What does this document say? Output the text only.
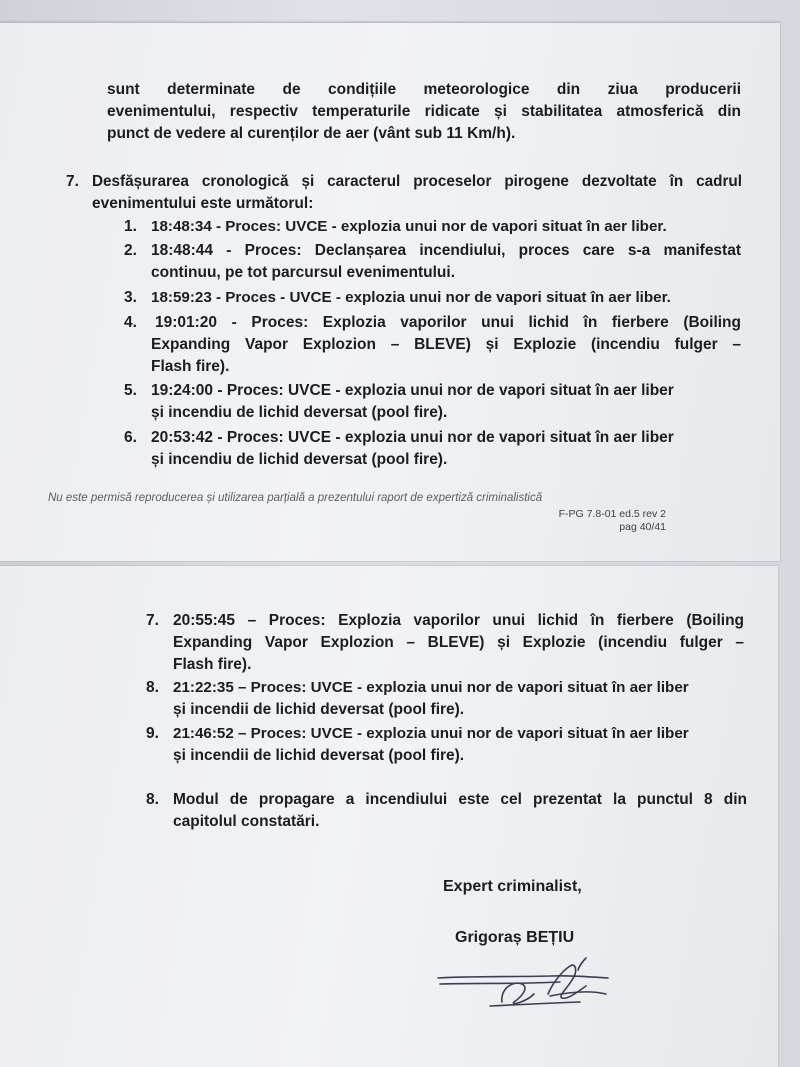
sunt determinate de condițiile meteorologice din ziua producerii
evenimentului, respectiv temperaturile ridicate și stabilitatea atmosferică din
punct de vedere al curenților de aer (vânt sub 11 Km/h).
7. Desfășurarea cronologică și caracterul proceselor pirogene dezvoltate în cadrul
evenimentului este următorul:
1. 18:48:34 - Proces: UVCE - explozia unui nor de vapori situat în aer liber.
2. 18:48:44 - Proces: Declanșarea incendiului, proces care s-a manifestat
continuu, pe tot parcursul evenimentului.
3. 18:59:23 - Proces - UVCE - explozia unui nor de vapori situat în aer liber.
4. 19:01:20 - Proces: Explozia vaporilor unui lichid în fierbere (Boiling
Expanding Vapor Explozion – BLEVE) și Explozie (incendiu fulger –
Flash fire).
5. 19:24:00 - Proces: UVCE - explozia unui nor de vapori situat în aer liber
și incendiu de lichid deversat (pool fire).
6. 20:53:42 - Proces: UVCE - explozia unui nor de vapori situat în aer liber
și incendiu de lichid deversat (pool fire).
Nu este permisă reproducerea și utilizarea parțială a prezentului raport de expertiză criminalistică
F-PG 7.8-01 ed.5 rev 2
pag 40/41
7. 20:55:45 – Proces: Explozia vaporilor unui lichid în fierbere (Boiling
Expanding Vapor Explozion – BLEVE) și Explozie (incendiu fulger –
Flash fire).
8. 21:22:35 – Proces: UVCE - explozia unui nor de vapori situat în aer liber
și incendii de lichid deversat (pool fire).
9. 21:46:52 – Proces: UVCE - explozia unui nor de vapori situat în aer liber
și incendii de lichid deversat (pool fire).
8. Modul de propagare a incendiului este cel prezentat la punctul 8 din
capitolul constatări.
Expert criminalist,
Grigoraș BEȚIU
